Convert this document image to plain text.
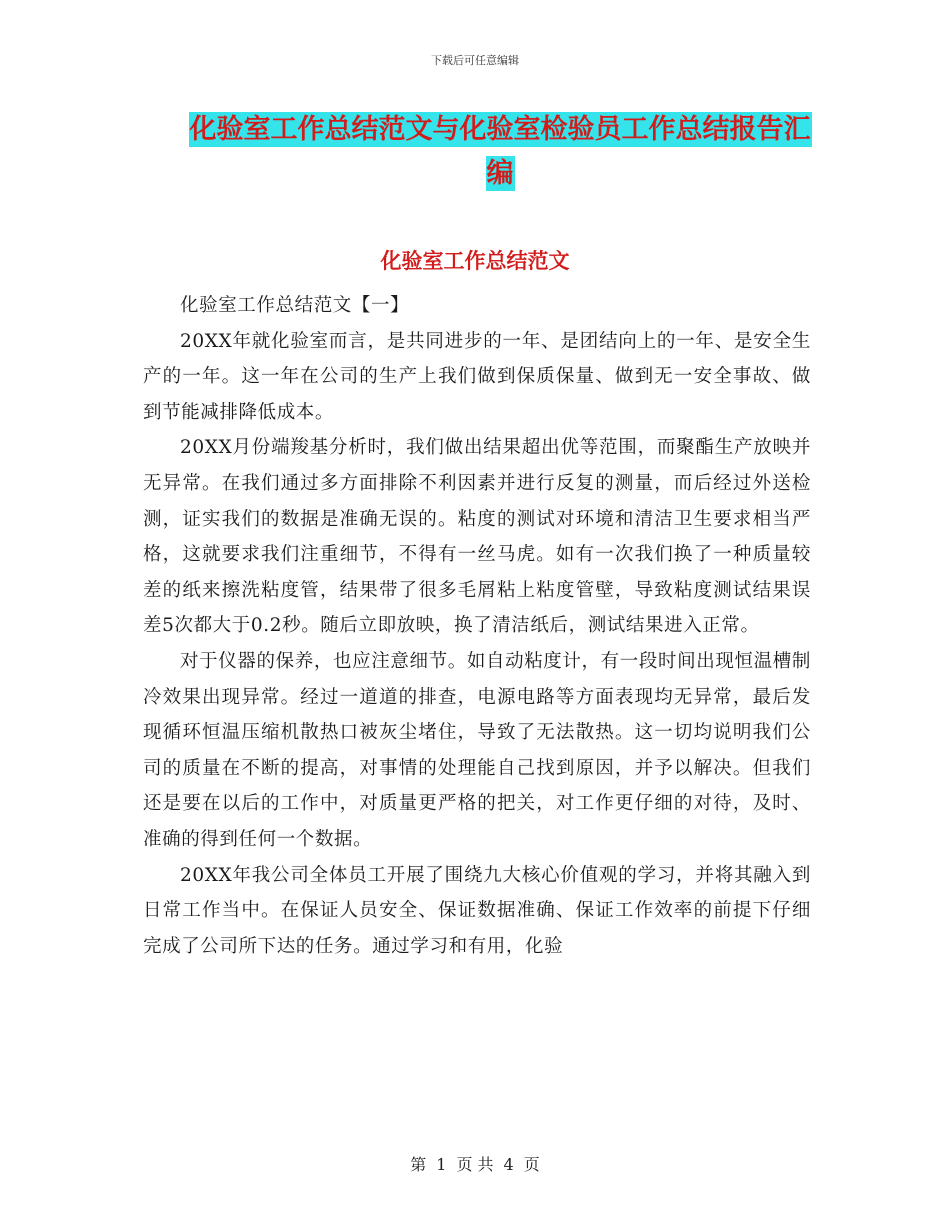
下载后可任意编辑
化验室工作总结范文与化验室检验员工作总结报告汇
编
化验室工作总结范文

化验室工作总结范文【一】

20XX年就化验室而言，是共同进步的一年、是团结向上的一年、是安全生产的一年。这一年在公司的生产上我们做到保质保量、做到无一安全事故、做到节能减排降低成本。

20XX月份端羧基分析时，我们做出结果超出优等范围，而聚酯生产放映并无异常。在我们通过多方面排除不利因素并进行反复的测量，而后经过外送检测，证实我们的数据是准确无误的。粘度的测试对环境和清洁卫生要求相当严格，这就要求我们注重细节，不得有一丝马虎。如有一次我们换了一种质量较差的纸来擦洗粘度管，结果带了很多毛屑粘上粘度管壁，导致粘度测试结果误差5次都大于0.2秒。随后立即放映，换了清洁纸后，测试结果进入正常。

对于仪器的保养，也应注意细节。如自动粘度计，有一段时间出现恒温槽制冷效果出现异常。经过一道道的排查，电源电路等方面表现均无异常，最后发现循环恒温压缩机散热口被灰尘堵住，导致了无法散热。这一切均说明我们公司的质量在不断的提高，对事情的处理能自己找到原因，并予以解决。但我们还是要在以后的工作中，对质量更严格的把关，对工作更仔细的对待，及时、准确的得到任何一个数据。

20XX年我公司全体员工开展了围绕九大核心价值观的学习，并将其融入到日常工作当中。在保证人员安全、保证数据准确、保证工作效率的前提下仔细完成了公司所下达的任务。通过学习和有用，化验

第 1 页 共 4 页
